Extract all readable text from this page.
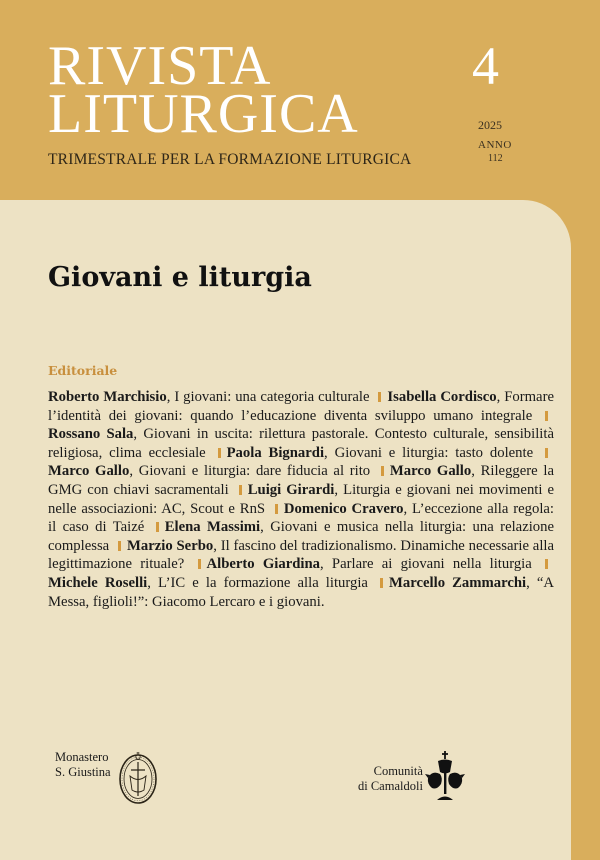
RIVISTA
LITURGICA
4
2025
ANNO
112
TRIMESTRALE PER LA FORMAZIONE LITURGICA
Giovani e liturgia
Editoriale
Roberto Marchisio, I giovani: una categoria culturale Isabella Cordisco, Formare l’identità dei giovani: quando l’educazione diventa sviluppo umano integrale Rossano Sala, Giovani in uscita: rilettura pastorale. Contesto culturale, sensibilità religiosa, clima ecclesiale Paola Bignardi, Giovani e liturgia: tasto dolente Marco Gallo, Giovani e liturgia: dare fiducia al rito Marco Gallo, Rileggere la GMG con chiavi sacramentali Luigi Girardi, Liturgia e giovani nei movimenti e nelle associazioni: AC, Scout e RnS Domenico Cravero, L’eccezione alla regola: il caso di Taizé Elena Massimi, Giovani e musica nella liturgia: una relazione complessa Marzio Serbo, Il fascino del tradizionalismo. Dinamiche necessarie alla legittimazione rituale? Alberto Giardina, Parlare ai giovani nella liturgia Michele Roselli, L’IC e la formazione alla liturgia Marcello Zammarchi, “A Messa, figlioli!”: Giacomo Lercaro e i giovani.
Monastero
S. Giustina	Comunità
di Camaldoli
